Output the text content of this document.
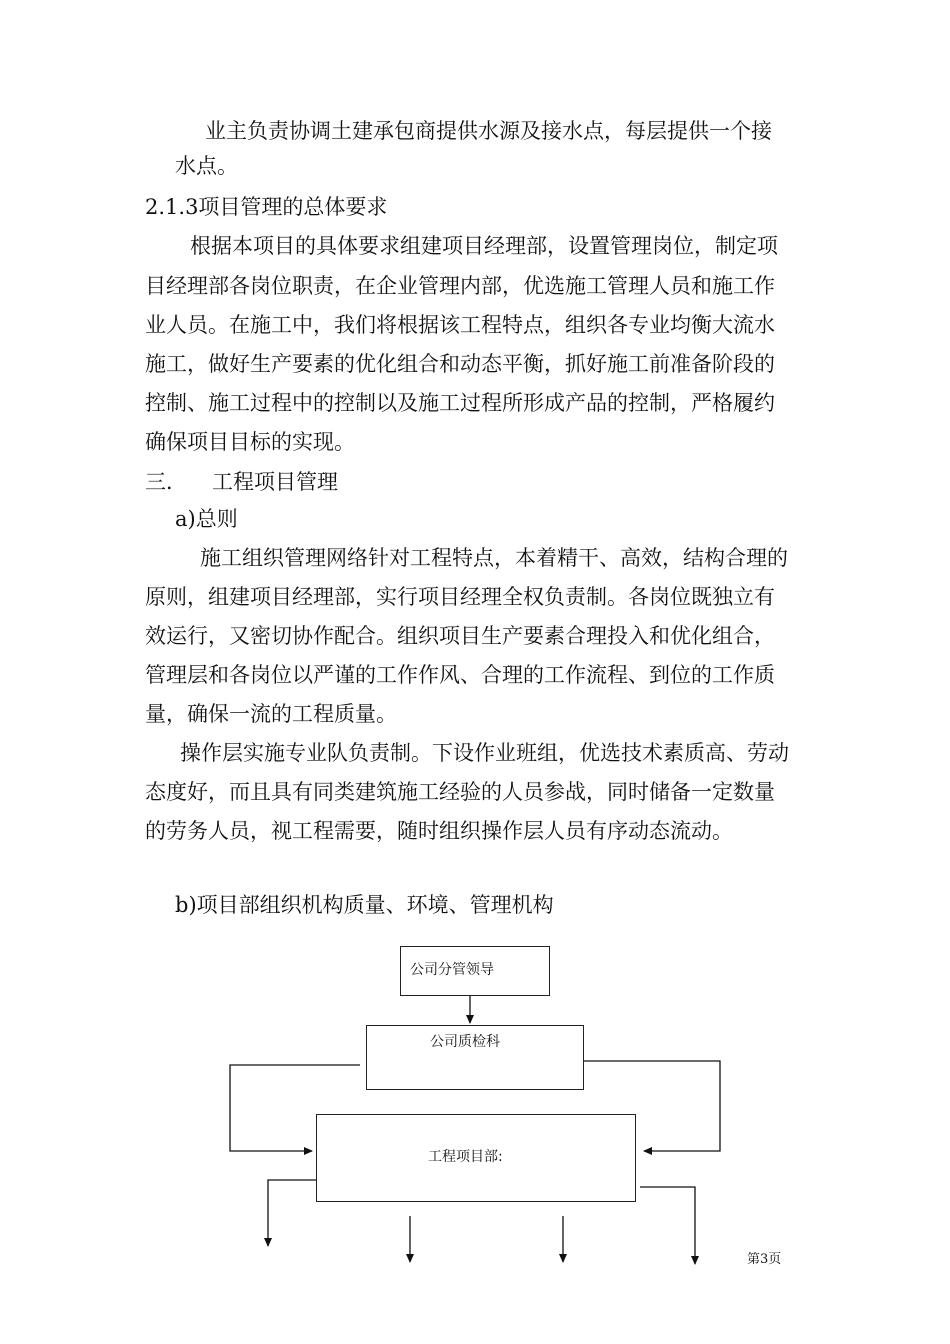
业主负责协调土建承包商提供水源及接水点，每层提供一个接
水点。
2.1.3项目管理的总体要求
根据本项目的具体要求组建项目经理部，设置管理岗位，制定项
目经理部各岗位职责，在企业管理内部，优选施工管理人员和施工作
业人员。在施工中，我们将根据该工程特点，组织各专业均衡大流水
施工，做好生产要素的优化组合和动态平衡，抓好施工前准备阶段的
控制、施工过程中的控制以及施工过程所形成产品的控制，严格履约
确保项目目标的实现。
三． 工程项目管理
a)总则
施工组织管理网络针对工程特点，本着精干、高效，结构合理的
原则，组建项目经理部，实行项目经理全权负责制。各岗位既独立有
效运行，又密切协作配合。组织项目生产要素合理投入和优化组合，
管理层和各岗位以严谨的工作作风、合理的工作流程、到位的工作质
量，确保一流的工程质量。
操作层实施专业队负责制。下设作业班组，优选技术素质高、劳动
态度好，而且具有同类建筑施工经验的人员参战，同时储备一定数量
的劳务人员，视工程需要，随时组织操作层人员有序动态流动。
b)项目部组织机构质量、环境、管理机构
公司分管领导
公司质检科
工程项目部:
第3页
